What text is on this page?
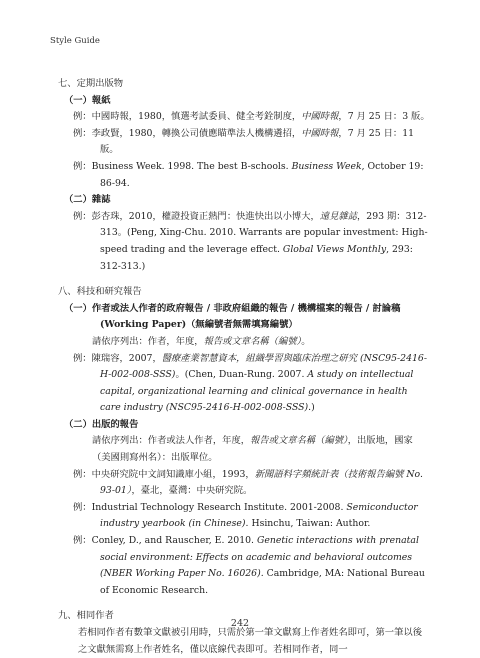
Style Guide

七、定期出版物

（一）報紙

例：中國時報，1980，慎選考試委員、健全考銓制度，中國時報，7 月 25 日：3 版。

例：李政賢，1980，轉換公司債應瞄準法人機構遴招，中國時報，7 月 25 日：11 版。

例：Business Week. 1998. The best B-schools. Business Week, October 19: 86-94.

（二）雜誌

例：彭杏珠，2010，權證投資正熱門：快進快出以小博大，遠見雜誌，293 期：312-313。(Peng, Xing-Chu. 2010. Warrants are popular investment: High-speed trading and the leverage effect. Global Views Monthly, 293: 312-313.)

八、科技和研究報告

（一）作者或法人作者的政府報告 / 非政府組織的報告 / 機構檔案的報告 / 討論稿 (Working Paper)（無編號者無需填寫編號）

請依序列出：作者，年度，報告或文章名稱（編號）。

例：陳瑞容，2007，醫療產業智慧資本，組織學習與臨床治理之研究 (NSC95-2416-H-002-008-SSS)。(Chen, Duan-Rung. 2007. A study on intellectual capital, organizational learning and clinical governance in health care industry (NSC95-2416-H-002-008-SSS).)

（二）出版的報告

請依序列出：作者或法人作者，年度，報告或文章名稱（編號），出版地，國家（美國則寫州名）：出版單位。

例：中央研究院中文詞知識庫小組，1993，新聞語料字頻統計表（技術報告編號 No. 93-01），臺北，臺灣：中央研究院。

例：Industrial Technology Research Institute. 2001-2008. Semiconductor industry yearbook (in Chinese). Hsinchu, Taiwan: Author.

例：Conley, D., and Rauscher, E. 2010. Genetic interactions with prenatal social environment: Effects on academic and behavioral outcomes (NBER Working Paper No. 16026). Cambridge, MA: National Bureau of Economic Research.

九、相同作者

若相同作者有數筆文獻被引用時，只需於第一筆文獻寫上作者姓名即可，第一筆以後之文獻無需寫上作者姓名，僅以底線代表即可。若相同作者，同一

242
